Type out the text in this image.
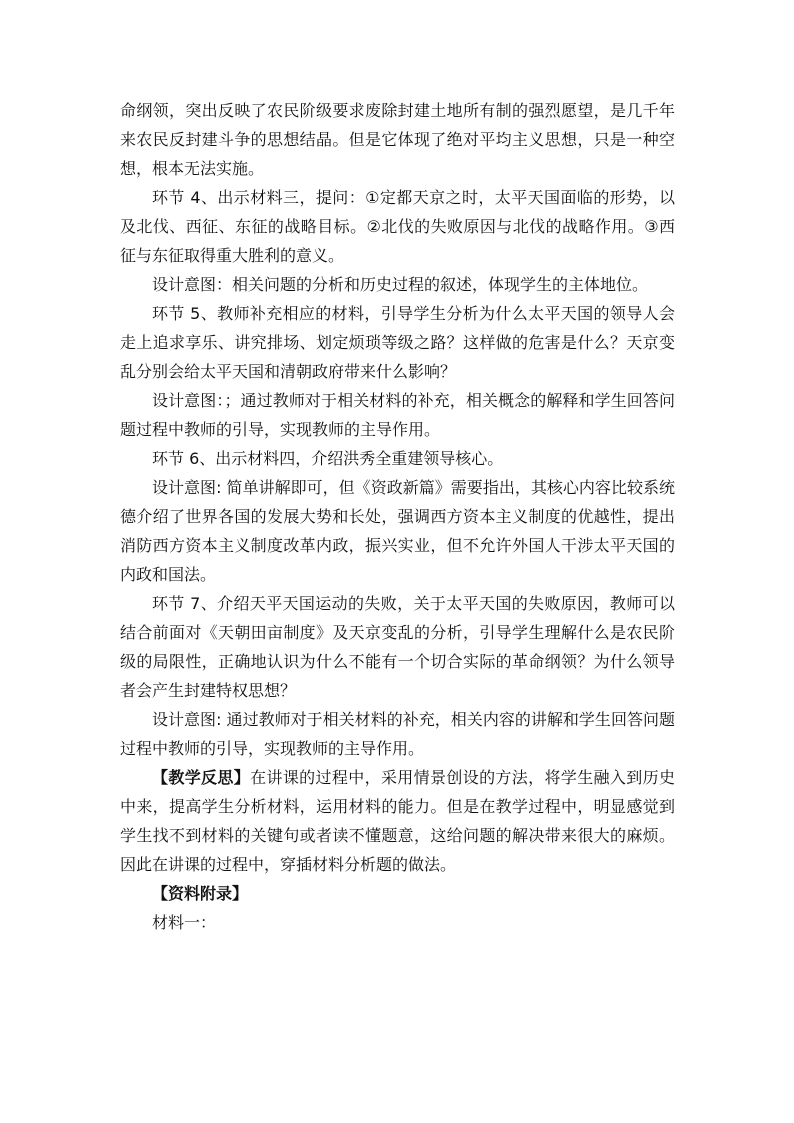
命纲领，突出反映了农民阶级要求废除封建土地所有制的强烈愿望，是几千年来农民反封建斗争的思想结晶。但是它体现了绝对平均主义思想，只是一种空想，根本无法实施。

环节 4、出示材料三，提问：①定都天京之时，太平天国面临的形势，以及北伐、西征、东征的战略目标。②北伐的失败原因与北伐的战略作用。③西征与东征取得重大胜利的意义。

设计意图：相关问题的分析和历史过程的叙述，体现学生的主体地位。

环节 5、教师补充相应的材料，引导学生分析为什么太平天国的领导人会走上追求享乐、讲究排场、划定烦琐等级之路？这样做的危害是什么？天京变乱分别会给太平天国和清朝政府带来什么影响？

设计意图：；通过教师对于相关材料的补充，相关概念的解释和学生回答问题过程中教师的引导，实现教师的主导作用。

环节 6、出示材料四，介绍洪秀全重建领导核心。

设计意图: 简单讲解即可，但《资政新篇》需要指出，其核心内容比较系统德介绍了世界各国的发展大势和长处，强调西方资本主义制度的优越性，提出消防西方资本主义制度改革内政，振兴实业，但不允许外国人干涉太平天国的内政和国法。

环节 7、介绍天平天国运动的失败，关于太平天国的失败原因，教师可以结合前面对《天朝田亩制度》及天京变乱的分析，引导学生理解什么是农民阶级的局限性，正确地认识为什么不能有一个切合实际的革命纲领？为什么领导者会产生封建特权思想？

设计意图: 通过教师对于相关材料的补充，相关内容的讲解和学生回答问题过程中教师的引导，实现教师的主导作用。

【教学反思】在讲课的过程中，采用情景创设的方法，将学生融入到历史中来，提高学生分析材料，运用材料的能力。但是在教学过程中，明显感觉到学生找不到材料的关键句或者读不懂题意，这给问题的解决带来很大的麻烦。因此在讲课的过程中，穿插材料分析题的做法。

【资料附录】

材料一：
